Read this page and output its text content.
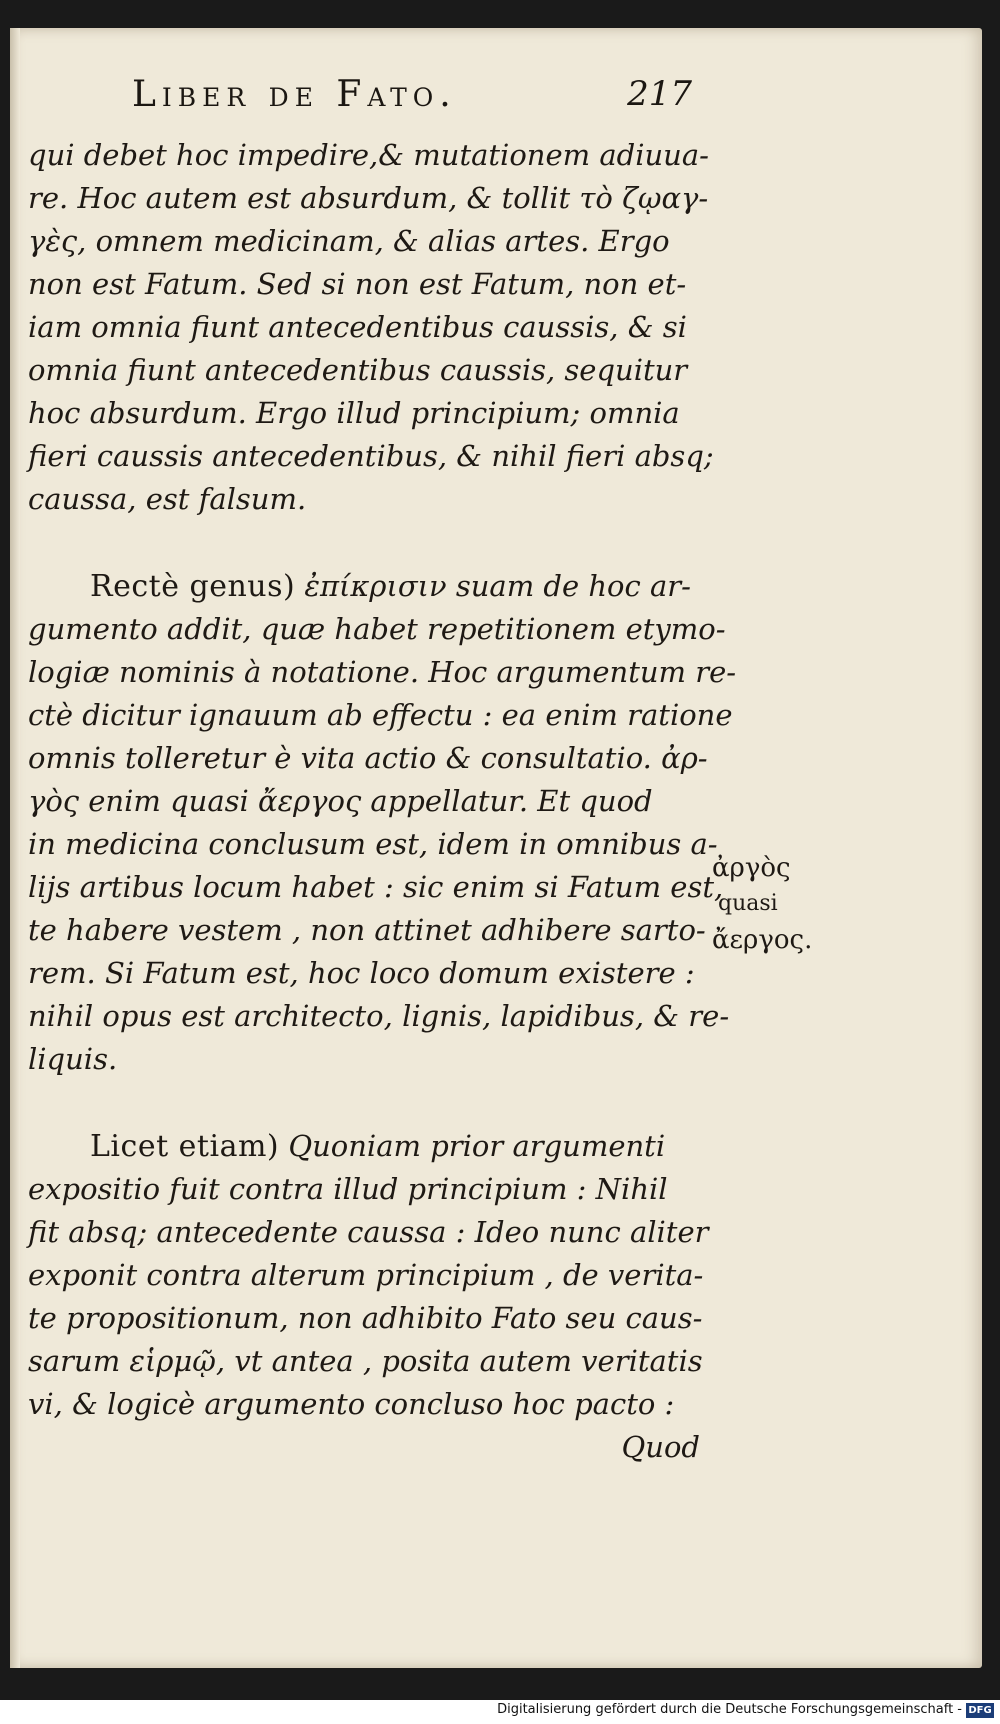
Liber de Fato.	217
qui debet hoc impedire,& mutationem adiuua-
re. Hoc autem est absurdum, & tollit τὸ ζῳαγ-
γὲς, omnem medicinam, & alias artes. Ergo
non est Fatum. Sed si non est Fatum, non et-
iam omnia fiunt antecedentibus caussis, & si
omnia fiunt antecedentibus caussis, sequitur
hoc absurdum. Ergo illud principium; omnia
fieri caussis antecedentibus, & nihil fieri absq;
caussa, est falsum.
Rectè genus) ἐπίκρισιν suam de hoc ar-
gumento addit, quæ habet repetitionem etymo-
logiæ nominis à notatione. Hoc argumentum re-
ctè dicitur ignauum ab effectu : ea enim ratione
omnis tolleretur è vita actio & consultatio. ἀρ-
γὸς enim quasi ἄεργος appellatur. Et quod
in medicina conclusum est, idem in omnibus a-
lijs artibus locum habet : sic enim si Fatum est,
te habere vestem , non attinet adhibere sarto-
rem. Si Fatum est, hoc loco domum existere :
nihil opus est architecto, lignis, lapidibus, & re-
liquis.
Licet etiam) Quoniam prior argumenti
expositio fuit contra illud principium : Nihil
fit absq; antecedente caussa : Ideo nunc aliter
exponit contra alterum principium , de verita-
te propositionum, non adhibito Fato seu caus-
sarum εἱρμῷ, vt antea , posita autem veritatis
vi, & logicè argumento concluso hoc pacto :
Quod
ἀργὸς
quasi
ἄεργος.
Digitalisierung gefördert durch die Deutsche Forschungsgemeinschaft - DFG
